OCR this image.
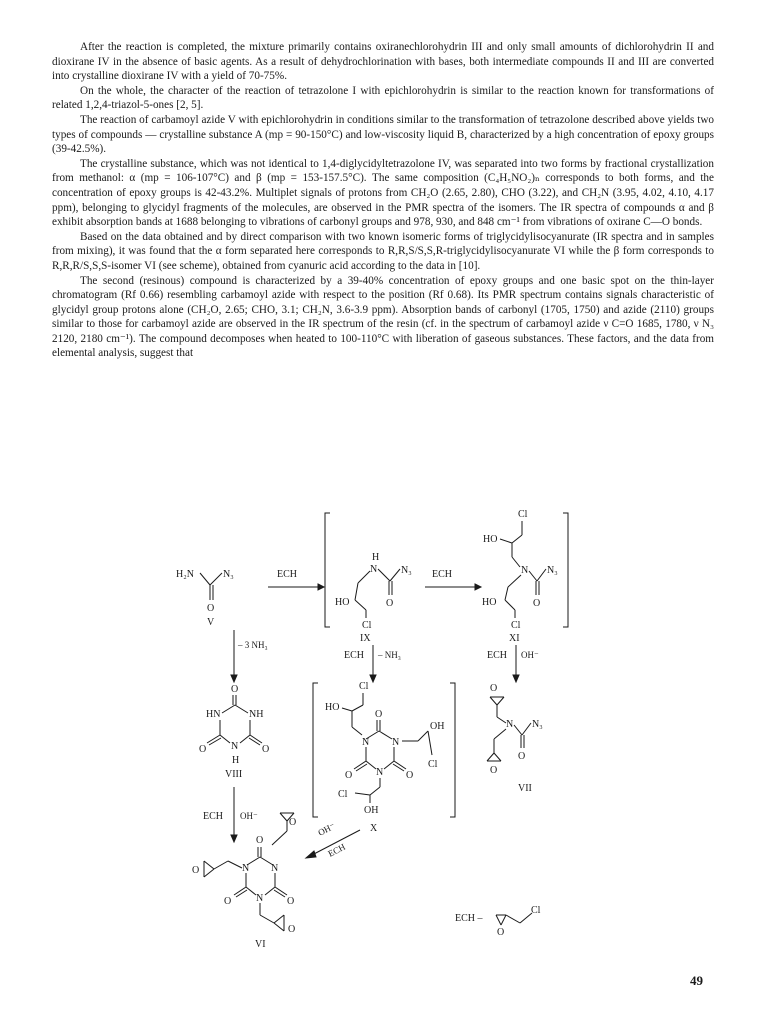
After the reaction is completed, the mixture primarily contains oxiranechlorohydrin III and only small amounts of dichlorohydrin II and dioxirane IV in the absence of basic agents. As a result of dehydrochlorination with bases, both intermediate compounds II and III are converted into crystalline dioxirane IV with a yield of 70-75%.

On the whole, the character of the reaction of tetrazolone I with epichlorohydrin is similar to the reaction known for transformations of related 1,2,4-triazol-5-ones [2, 5].

The reaction of carbamoyl azide V with epichlorohydrin in conditions similar to the transformation of tetrazolone described above yields two types of compounds — crystalline substance A (mp = 90-150°C) and low-viscosity liquid B, characterized by a high concentration of epoxy groups (39-42.5%).

The crystalline substance, which was not identical to 1,4-diglycidyltetrazolone IV, was separated into two forms by fractional crystallization from methanol: α (mp = 106-107°C) and β (mp = 153-157.5°C). The same composition (C₄H₅NO₂)ₙ corresponds to both forms, and the concentration of epoxy groups is 42-43.2%. Multiplet signals of protons from CH₂O (2.65, 2.80), CHO (3.22), and CH₂N (3.95, 4.02, 4.10, 4.17 ppm), belonging to glycidyl fragments of the molecules, are observed in the PMR spectra of the isomers. The IR spectra of compounds α and β exhibit absorption bands at 1688 belonging to vibrations of carbonyl groups and 978, 930, and 848 cm⁻¹ from vibrations of oxirane C—O bonds.

Based on the data obtained and by direct comparison with two known isomeric forms of triglycidylisocyanurate (IR spectra and in samples from mixing), it was found that the α form separated here corresponds to R,R,S/S,S,R-triglycidylisocyanurate VI while the β form corresponds to R,R,R/S,S,S-isomer VI (see scheme), obtained from cyanuric acid according to the data in [10].

The second (resinous) compound is characterized by a 39-40% concentration of epoxy groups and one basic spot on the thin-layer chromatogram (Rf 0.66) resembling carbamoyl azide with respect to the position (Rf 0.68). Its PMR spectrum contains signals characteristic of glycidyl group protons alone (CH₂O, 2.65; CHO, 3.1; CH₂N, 3.6-3.9 ppm). Absorption bands of carbonyl (1705, 1750) and azide (2110) groups similar to those for carbamoyl azide are observed in the IR spectrum of the resin (cf. in the spectrum of carbamoyl azide ν C=O 1685, 1780, ν N₃ 2120, 2180 cm⁻¹). The compound decomposes when heated to 100-110°C with liberation of gaseous substances. These factors, and the data from elemental analysis, suggest that

H₂N	N₃
O
V
ECH
H
N N₃
O
HO
Cl
IX
ECH
Cl
HO
N N₃
O
HO
Cl
XI
– 3 NH₃
ECH – NH₃	ECH OH⁻
O
HN	NH
N
O	O
H
VIII
ECH OH⁻
Cl
HO
O
N N
N
O	O
OH
Cl
Cl
OH
X
O
N N₃
O
O
VII
OH⁻
ECH
O
O
N N
N
O	O
O
O
VI
ECH –
Cl
O
49
